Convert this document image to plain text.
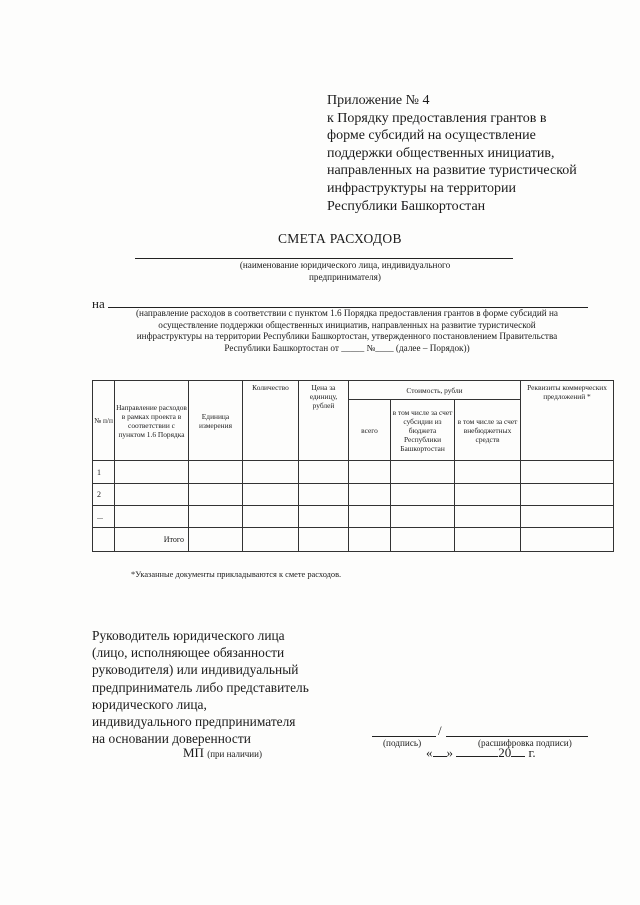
Приложение № 4
к Порядку предоставления грантов в
форме субсидий на осуществление
поддержки общественных инициатив,
направленных на развитие туристической
инфраструктуры на территории
Республики Башкортостан
СМЕТА РАСХОДОВ
(наименование юридического лица, индивидуального
предпринимателя)
на
(направление расходов в соответствии с пунктом 1.6 Порядка предоставления грантов в форме субсидий на
осуществление поддержки общественных инициатив, направленных на развитие туристической
инфраструктуры на территории Республики Башкортостан, утвержденного постановлением Правительства
Республики Башкортостан от _____ №____ (далее – Порядок))
№ п/п	Направление расходов в рамках проекта в соответствии с пунктом 1.6 Порядка	Единица измерения	Количество	Цена за единицу, рублей	Стоимость, рубли			Реквизиты коммерческих предложений *
					всего	в том числе за счет субсидии из бюджета Республики Башкортостан	в том числе за счет внебюджетных средств	
1								
2								
...								
	Итого							
*Указанные документы прикладываются к смете расходов.
Руководитель юридического лица
(лицо, исполняющее обязанности
руководителя) или индивидуальный
предприниматель либо представитель
юридического лица,
индивидуального предпринимателя
на основании доверенности
/
(подпись)	(расшифровка подписи)
МП (при наличии)	« »	20 г.
